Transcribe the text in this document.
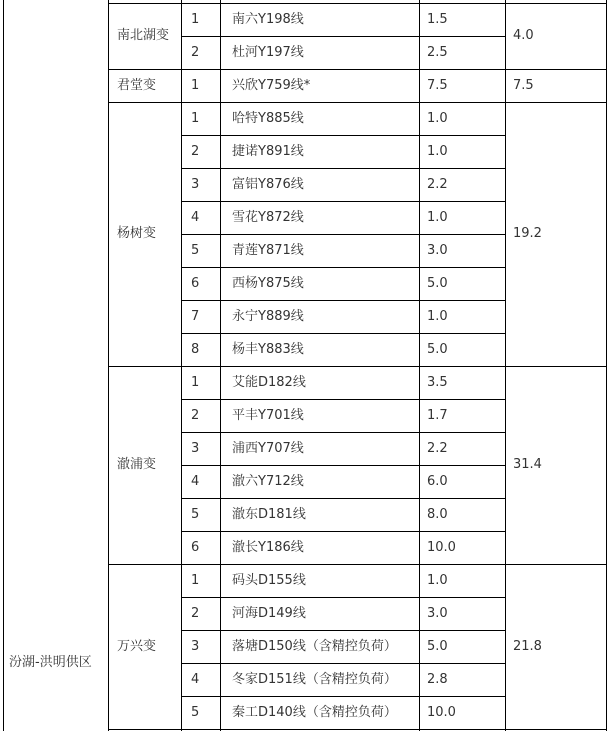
汾湖-洪明供区
南北湖变	4.0
1	南六Y198线	1.5
2	杜河Y197线	2.5
君堂变	7.5
1	兴欣Y759线*	7.5
杨树变	19.2
1	哈特Y885线	1.0
2	捷诺Y891线	1.0
3	富铝Y876线	2.2
4	雪花Y872线	1.0
5	青莲Y871线	3.0
6	西杨Y875线	5.0
7	永宁Y889线	1.0
8	杨丰Y883线	5.0
澈浦变	31.4
1	艾能D182线	3.5
2	平丰Y701线	1.7
3	浦西Y707线	2.2
4	澈六Y712线	6.0
5	澈东D181线	8.0
6	澈长Y186线	10.0
万兴变	21.8
1	码头D155线	1.0
2	河海D149线	3.0
3	落塘D150线（含精控负荷） 5.0
4	冬家D151线（含精控负荷） 2.8
5	秦工D140线（含精控负荷） 10.0
